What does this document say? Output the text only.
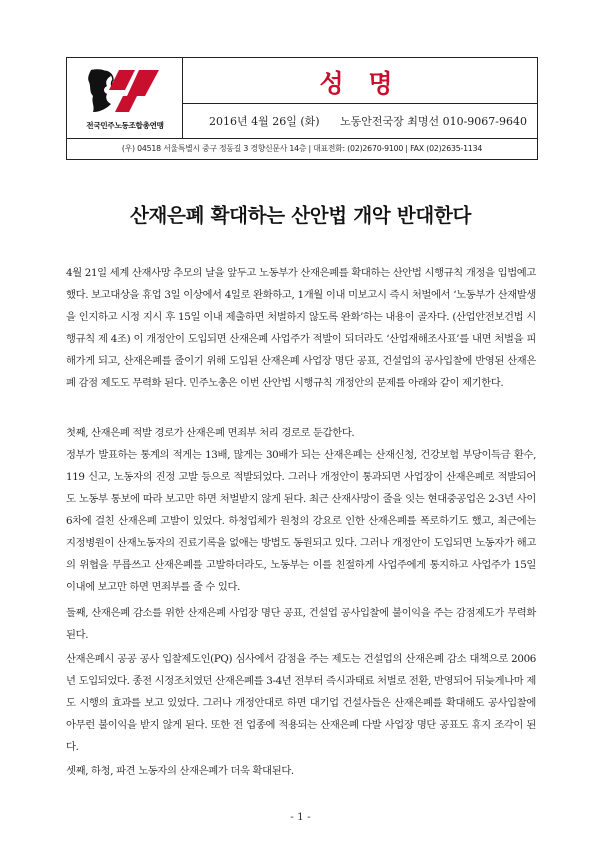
전국민주노동조합총연맹
성 명
2016년 4월 26일 (화) 노동안전국장 최명선 010-9067-9640
(우) 04518 서울특별시 중구 정동길 3 경향신문사 14층 | 대표전화: (02)2670-9100 | FAX (02)2635-1134
산재은폐 확대하는 산안법 개악 반대한다

4월 21일 세계 산재사망 추모의 날을 앞두고 노동부가 산재은폐를 확대하는 산안법 시행규칙 개정을 입법예고했다. 보고대상을 휴업 3일 이상에서 4일로 완화하고, 1개월 이내 미보고시 즉시 처벌에서 ‘노동부가 산재발생을 인지하고 시정 지시 후 15일 이내 제출하면 처벌하지 않도록 완화’하는 내용이 골자다. (산업안전보건법 시행규칙 제 4조) 이 개정안이 도입되면 산재은폐 사업주가 적발이 되더라도 ‘산업재해조사표’를 내면 처벌을 피해가게 되고, 산재은폐를 줄이기 위해 도입된 산재은폐 사업장 명단 공표, 건설업의 공사입찰에 반영된 산재은폐 감점 제도도 무력화 된다. 민주노총은 이번 산안법 시행규칙 개정안의 문제를 아래와 같이 제기한다.

첫째, 산재은폐 적발 경로가 산재은폐 면죄부 처리 경로로 둔갑한다.

정부가 발표하는 통계의 적게는 13배, 많게는 30배가 되는 산재은폐는 산재신청, 건강보험 부당이득금 환수, 119 신고, 노동자의 진정 고발 등으로 적발되었다. 그러나 개정안이 통과되면 사업장이 산재은폐로 적발되어도 노동부 통보에 따라 보고만 하면 처벌받지 않게 된다. 최근 산재사망이 줄을 잇는 현대중공업은 2-3년 사이 6차에 걸친 산재은폐 고발이 있었다. 하청업체가 원청의 강요로 인한 산재은폐를 폭로하기도 했고, 최근에는 지정병원이 산재노동자의 진료기록을 없애는 방법도 동원되고 있다. 그러나 개정안이 도입되면 노동자가 해고의 위협을 무릅쓰고 산재은폐를 고발하더라도, 노동부는 이를 친절하게 사업주에게 통지하고 사업주가 15일 이내에 보고만 하면 면죄부를 줄 수 있다.

둘째, 산재은폐 감소를 위한 산재은폐 사업장 명단 공표, 건설업 공사입찰에 불이익을 주는 감점제도가 무력화 된다.

산재은폐시 공공 공사 입찰제도인(PQ) 심사에서 감점을 주는 제도는 건설업의 산재은폐 감소 대책으로 2006년 도입되었다. 종전 시정조치였던 산재은폐를 3-4년 전부터 즉시과태료 처벌로 전환, 반영되어 뒤늦게나마 제도 시행의 효과를 보고 있었다. 그러나 개정안대로 하면 대기업 건설사들은 산재은폐를 확대해도 공사입찰에 아무런 불이익을 받지 않게 된다. 또한 전 업종에 적용되는 산재은폐 다발 사업장 명단 공표도 휴지 조각이 된다.

셋째, 하청, 파견 노동자의 산재은폐가 더욱 확대된다.

- 1 -
